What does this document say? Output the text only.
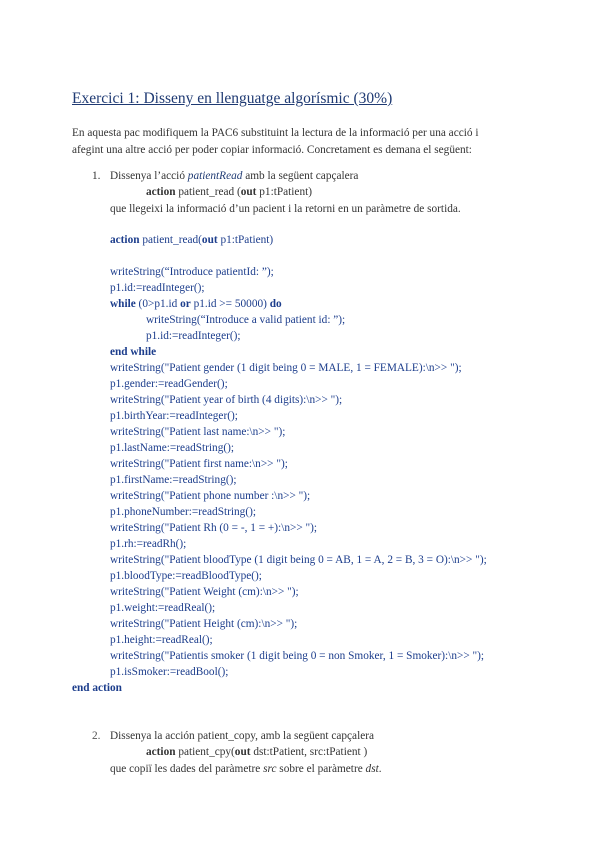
Exercici 1: Disseny en llenguatge algorísmic (30%)
En aquesta pac modifiquem la PAC6 substituint la lectura de la informació per una acció i
afegint una altre acció per poder copiar informació. Concretament es demana el següent:
1. Dissenya l’acció patientRead amb la següent capçalera
action patient_read (out p1:tPatient)
que llegeixi la informació d’un pacient i la retorni en un paràmetre de sortida.
action patient_read(out p1:tPatient)
writeString(“Introduce patientId: ”);
p1.id:=readInteger();
while (0>p1.id or p1.id >= 50000) do
writeString(“Introduce a valid patient id: ”);
p1.id:=readInteger();
end while
writeString("Patient gender (1 digit being 0 = MALE, 1 = FEMALE):\n>> ");
p1.gender:=readGender();
writeString("Patient year of birth (4 digits):\n>> ");
p1.birthYear:=readInteger();
writeString("Patient last name:\n>> ");
p1.lastName:=readString();
writeString("Patient first name:\n>> ");
p1.firstName:=readString();
writeString("Patient phone number :\n>> ");
p1.phoneNumber:=readString();
writeString("Patient Rh (0 = -, 1 = +):\n>> ");
p1.rh:=readRh();
writeString("Patient bloodType (1 digit being 0 = AB, 1 = A, 2 = B, 3 = O):\n>> ");
p1.bloodType:=readBloodType();
writeString("Patient Weight (cm):\n>> ");
p1.weight:=readReal();
writeString("Patient Height (cm):\n>> ");
p1.height:=readReal();
writeString("Patientis smoker (1 digit being 0 = non Smoker, 1 = Smoker):\n>> ");
p1.isSmoker:=readBool();
end action
2. Dissenya la acción patient_copy, amb la següent capçalera
action patient_cpy(out dst:tPatient, src:tPatient )
que copiï les dades del paràmetre src sobre el paràmetre dst.
